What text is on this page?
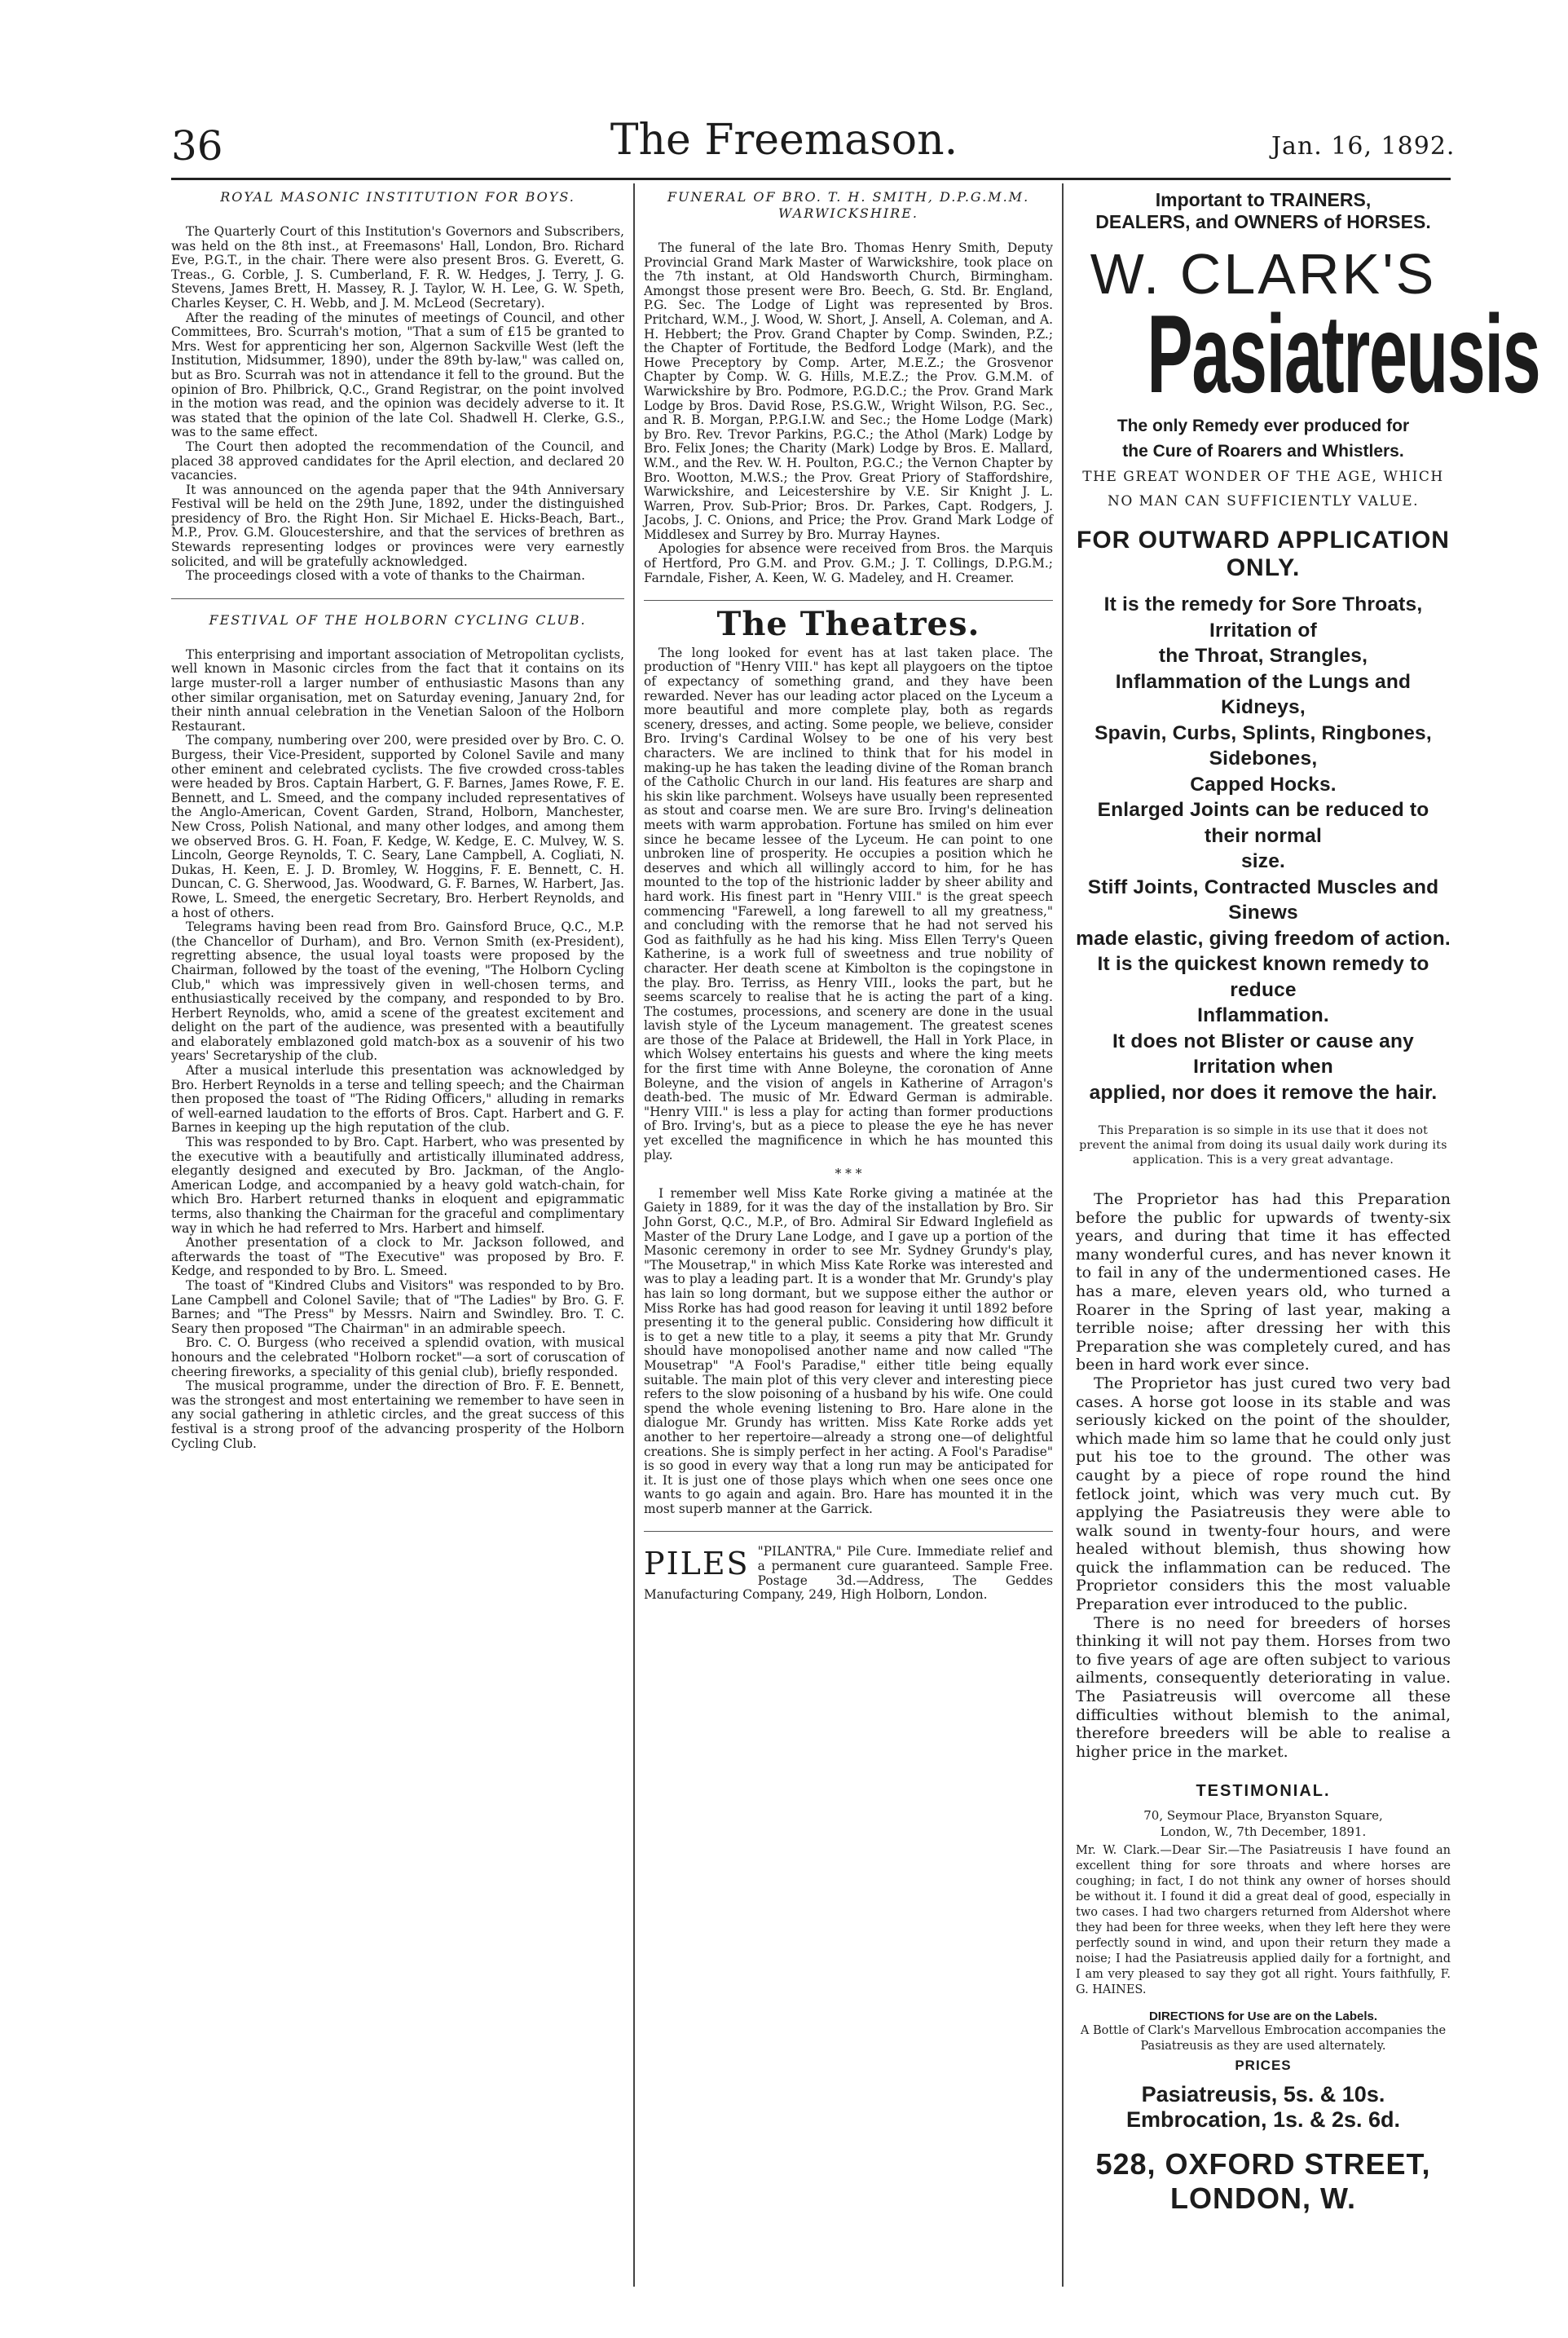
36	The Freemason.	Jan. 16, 1892.

ROYAL MASONIC INSTITUTION FOR BOYS.

The Quarterly Court of this Institution's Governors and Subscribers, was held on the 8th inst., at Freemasons' Hall, London, Bro. Richard Eve, P.G.T., in the chair. There were also present Bros. G. Everett, G. Treas., G. Corble, J. S. Cumberland, F. R. W. Hedges, J. Terry, J. G. Stevens, James Brett, H. Massey, R. J. Taylor, W. H. Lee, G. W. Speth, Charles Keyser, C. H. Webb, and J. M. McLeod (Secretary).

After the reading of the minutes of meetings of Council, and other Committees, Bro. Scurrah's motion, "That a sum of £15 be granted to Mrs. West for apprenticing her son, Algernon Sackville West (left the Institution, Midsummer, 1890), under the 89th by-law," was called on, but as Bro. Scurrah was not in attendance it fell to the ground. But the opinion of Bro. Philbrick, Q.C., Grand Registrar, on the point involved in the motion was read, and the opinion was decidely adverse to it. It was stated that the opinion of the late Col. Shadwell H. Clerke, G.S., was to the same effect.

The Court then adopted the recommendation of the Council, and placed 38 approved candidates for the April election, and declared 20 vacancies.

It was announced on the agenda paper that the 94th Anniversary Festival will be held on the 29th June, 1892, under the distinguished presidency of Bro. the Right Hon. Sir Michael E. Hicks-Beach, Bart., M.P., Prov. G.M. Gloucestershire, and that the services of brethren as Stewards representing lodges or provinces were very earnestly solicited, and will be gratefully acknowledged.

The proceedings closed with a vote of thanks to the Chairman.

FESTIVAL OF THE HOLBORN CYCLING CLUB.

This enterprising and important association of Metropolitan cyclists, well known in Masonic circles from the fact that it contains on its large muster-roll a larger number of enthusiastic Masons than any other similar organisation, met on Saturday evening, January 2nd, for their ninth annual celebration in the Venetian Saloon of the Holborn Restaurant.

The company, numbering over 200, were presided over by Bro. C. O. Burgess, their Vice-President, supported by Colonel Savile and many other eminent and celebrated cyclists. The five crowded cross-tables were headed by Bros. Captain Harbert, G. F. Barnes, James Rowe, F. E. Bennett, and L. Smeed, and the company included representatives of the Anglo-American, Covent Garden, Strand, Holborn, Manchester, New Cross, Polish National, and many other lodges, and among them we observed Bros. G. H. Foan, F. Kedge, W. Kedge, E. C. Mulvey, W. S. Lincoln, George Reynolds, T. C. Seary, Lane Campbell, A. Cogliati, N. Dukas, H. Keen, E. J. D. Bromley, W. Hoggins, F. E. Bennett, C. H. Duncan, C. G. Sherwood, Jas. Woodward, G. F. Barnes, W. Harbert, Jas. Rowe, L. Smeed, the energetic Secretary, Bro. Herbert Reynolds, and a host of others.

Telegrams having been read from Bro. Gainsford Bruce, Q.C., M.P. (the Chancellor of Durham), and Bro. Vernon Smith (ex-President), regretting absence, the usual loyal toasts were proposed by the Chairman, followed by the toast of the evening, "The Holborn Cycling Club," which was impressively given in well-chosen terms, and enthusiastically received by the company, and responded to by Bro. Herbert Reynolds, who, amid a scene of the greatest excitement and delight on the part of the audience, was presented with a beautifully and elaborately emblazoned gold match-box as a souvenir of his two years' Secretaryship of the club.

After a musical interlude this presentation was acknowledged by Bro. Herbert Reynolds in a terse and telling speech; and the Chairman then proposed the toast of "The Riding Officers," alluding in remarks of well-earned laudation to the efforts of Bros. Capt. Harbert and G. F. Barnes in keeping up the high reputation of the club.

This was responded to by Bro. Capt. Harbert, who was presented by the executive with a beautifully and artistically illuminated address, elegantly designed and executed by Bro. Jackman, of the Anglo-American Lodge, and accompanied by a heavy gold watch-chain, for which Bro. Harbert returned thanks in eloquent and epigrammatic terms, also thanking the Chairman for the graceful and complimentary way in which he had referred to Mrs. Harbert and himself.

Another presentation of a clock to Mr. Jackson followed, and afterwards the toast of "The Executive" was proposed by Bro. F. Kedge, and responded to by Bro. L. Smeed.

The toast of "Kindred Clubs and Visitors" was responded to by Bro. Lane Campbell and Colonel Savile; that of "The Ladies" by Bro. G. F. Barnes; and "The Press" by Messrs. Nairn and Swindley. Bro. T. C. Seary then proposed "The Chairman" in an admirable speech.

Bro. C. O. Burgess (who received a splendid ovation, with musical honours and the celebrated "Holborn rocket"—a sort of coruscation of cheering fireworks, a speciality of this genial club), briefly responded.

The musical programme, under the direction of Bro. F. E. Bennett, was the strongest and most entertaining we remember to have seen in any social gathering in athletic circles, and the great success of this festival is a strong proof of the advancing prosperity of the Holborn Cycling Club.

FUNERAL OF BRO. T. H. SMITH, D.P.G.M.M. WARWICKSHIRE.

The funeral of the late Bro. Thomas Henry Smith, Deputy Provincial Grand Mark Master of Warwickshire, took place on the 7th instant, at Old Handsworth Church, Birmingham. Amongst those present were Bro. Beech, G. Std. Br. England, P.G. Sec. The Lodge of Light was represented by Bros. Pritchard, W.M., J. Wood, W. Short, J. Ansell, A. Coleman, and A. H. Hebbert; the Prov. Grand Chapter by Comp. Swinden, P.Z.; the Chapter of Fortitude, the Bedford Lodge (Mark), and the Howe Preceptory by Comp. Arter, M.E.Z.; the Grosvenor Chapter by Comp. W. G. Hills, M.E.Z.; the Prov. G.M.M. of Warwickshire by Bro. Podmore, P.G.D.C.; the Prov. Grand Mark Lodge by Bros. David Rose, P.S.G.W., Wright Wilson, P.G. Sec., and R. B. Morgan, P.P.G.I.W. and Sec.; the Home Lodge (Mark) by Bro. Rev. Trevor Parkins, P.G.C.; the Athol (Mark) Lodge by Bro. Felix Jones; the Charity (Mark) Lodge by Bros. E. Mallard, W.M., and the Rev. W. H. Poulton, P.G.C.; the Vernon Chapter by Bro. Wootton, M.W.S.; the Prov. Great Priory of Staffordshire, Warwickshire, and Leicestershire by V.E. Sir Knight J. L. Warren, Prov. Sub-Prior; Bros. Dr. Parkes, Capt. Rodgers, J. Jacobs, J. C. Onions, and Price; the Prov. Grand Mark Lodge of Middlesex and Surrey by Bro. Murray Haynes.

Apologies for absence were received from Bros. the Marquis of Hertford, Pro G.M. and Prov. G.M.; J. T. Collings, D.P.G.M.; Farndale, Fisher, A. Keen, W. G. Madeley, and H. Creamer.

The Theatres.

The long looked for event has at last taken place. The production of "Henry VIII." has kept all playgoers on the tiptoe of expectancy of something grand, and they have been rewarded. Never has our leading actor placed on the Lyceum a more beautiful and more complete play, both as regards scenery, dresses, and acting. Some people, we believe, consider Bro. Irving's Cardinal Wolsey to be one of his very best characters. We are inclined to think that for his model in making-up he has taken the leading divine of the Roman branch of the Catholic Church in our land. His features are sharp and his skin like parchment. Wolseys have usually been represented as stout and coarse men. We are sure Bro. Irving's delineation meets with warm approbation. Fortune has smiled on him ever since he became lessee of the Lyceum. He can point to one unbroken line of prosperity. He occupies a position which he deserves and which all willingly accord to him, for he has mounted to the top of the histrionic ladder by sheer ability and hard work. His finest part in "Henry VIII." is the great speech commencing "Farewell, a long farewell to all my greatness," and concluding with the remorse that he had not served his God as faithfully as he had his king. Miss Ellen Terry's Queen Katherine, is a work full of sweetness and true nobility of character. Her death scene at Kimbolton is the copingstone in the play. Bro. Terriss, as Henry VIII., looks the part, but he seems scarcely to realise that he is acting the part of a king. The costumes, processions, and scenery are done in the usual lavish style of the Lyceum management. The greatest scenes are those of the Palace at Bridewell, the Hall in York Place, in which Wolsey entertains his guests and where the king meets for the first time with Anne Boleyne, the coronation of Anne Boleyne, and the vision of angels in Katherine of Arragon's death-bed. The music of Mr. Edward German is admirable. "Henry VIII." is less a play for acting than former productions of Bro. Irving's, but as a piece to please the eye he has never yet excelled the magnificence in which he has mounted this play.

* * *

I remember well Miss Kate Rorke giving a matinée at the Gaiety in 1889, for it was the day of the installation by Bro. Sir John Gorst, Q.C., M.P., of Bro. Admiral Sir Edward Inglefield as Master of the Drury Lane Lodge, and I gave up a portion of the Masonic ceremony in order to see Mr. Sydney Grundy's play, "The Mousetrap," in which Miss Kate Rorke was interested and was to play a leading part. It is a wonder that Mr. Grundy's play has lain so long dormant, but we suppose either the author or Miss Rorke has had good reason for leaving it until 1892 before presenting it to the general public. Considering how difficult it is to get a new title to a play, it seems a pity that Mr. Grundy should have monopolised another name and now called "The Mousetrap" "A Fool's Paradise," either title being equally suitable. The main plot of this very clever and interesting piece refers to the slow poisoning of a husband by his wife. One could spend the whole evening listening to Bro. Hare alone in the dialogue Mr. Grundy has written. Miss Kate Rorke adds yet another to her repertoire—already a strong one—of delightful creations. She is simply perfect in her acting. A Fool's Paradise" is so good in every way that a long run may be anticipated for it. It is just one of those plays which when one sees once one wants to go again and again. Bro. Hare has mounted it in the most superb manner at the Garrick.

PILES "PILANTRA," Pile Cure. Immediate relief and a permanent cure guaranteed. Sample Free. Postage 3d.—Address, The Geddes Manufacturing Company, 249, High Holborn, London.

Important to TRAINERS,
DEALERS, and OWNERS of HORSES.
W. CLARK'S
Pasiatreusis
The only Remedy ever produced for
the Cure of Roarers and Whistlers.
THE GREAT WONDER OF THE AGE, WHICH
NO MAN CAN SUFFICIENTLY VALUE.
FOR OUTWARD APPLICATION ONLY.
It is the remedy for Sore Throats, Irritation of
the Throat, Strangles,
Inflammation of the Lungs and Kidneys,
Spavin, Curbs, Splints, Ringbones, Sidebones,
Capped Hocks.
Enlarged Joints can be reduced to their normal
size.
Stiff Joints, Contracted Muscles and Sinews
made elastic, giving freedom of action.
It is the quickest known remedy to reduce
Inflammation.
It does not Blister or cause any Irritation when
applied, nor does it remove the hair.
This Preparation is so simple in its use that it does not prevent the animal from doing its usual daily work during its application. This is a very great advantage.

The Proprietor has had this Preparation before the public for upwards of twenty-six years, and during that time it has effected many wonderful cures, and has never known it to fail in any of the undermentioned cases. He has a mare, eleven years old, who turned a Roarer in the Spring of last year, making a terrible noise; after dressing her with this Preparation she was completely cured, and has been in hard work ever since.

The Proprietor has just cured two very bad cases. A horse got loose in its stable and was seriously kicked on the point of the shoulder, which made him so lame that he could only just put his toe to the ground. The other was caught by a piece of rope round the hind fetlock joint, which was very much cut. By applying the Pasiatreusis they were able to walk sound in twenty-four hours, and were healed without blemish, thus showing how quick the inflammation can be reduced. The Proprietor considers this the most valuable Preparation ever introduced to the public.

There is no need for breeders of horses thinking it will not pay them. Horses from two to five years of age are often subject to various ailments, consequently deteriorating in value. The Pasiatreusis will overcome all these difficulties without blemish to the animal, therefore breeders will be able to realise a higher price in the market.

TESTIMONIAL.
70, Seymour Place, Bryanston Square,
London, W., 7th December, 1891.
Mr. W. Clark.—Dear Sir.—The Pasiatreusis I have found an excellent thing for sore throats and where horses are coughing; in fact, I do not think any owner of horses should be without it. I found it did a great deal of good, especially in two cases. I had two chargers returned from Aldershot where they had been for three weeks, when they left here they were perfectly sound in wind, and upon their return they made a noise; I had the Pasiatreusis applied daily for a fortnight, and I am very pleased to say they got all right. Yours faithfully, F. G. HAINES.
DIRECTIONS for Use are on the Labels.
A Bottle of Clark's Marvellous Embrocation accompanies the Pasiatreusis as they are used alternately.
PRICES
Pasiatreusis, 5s. & 10s. Embrocation, 1s. & 2s. 6d.
528, OXFORD STREET, LONDON, W.
